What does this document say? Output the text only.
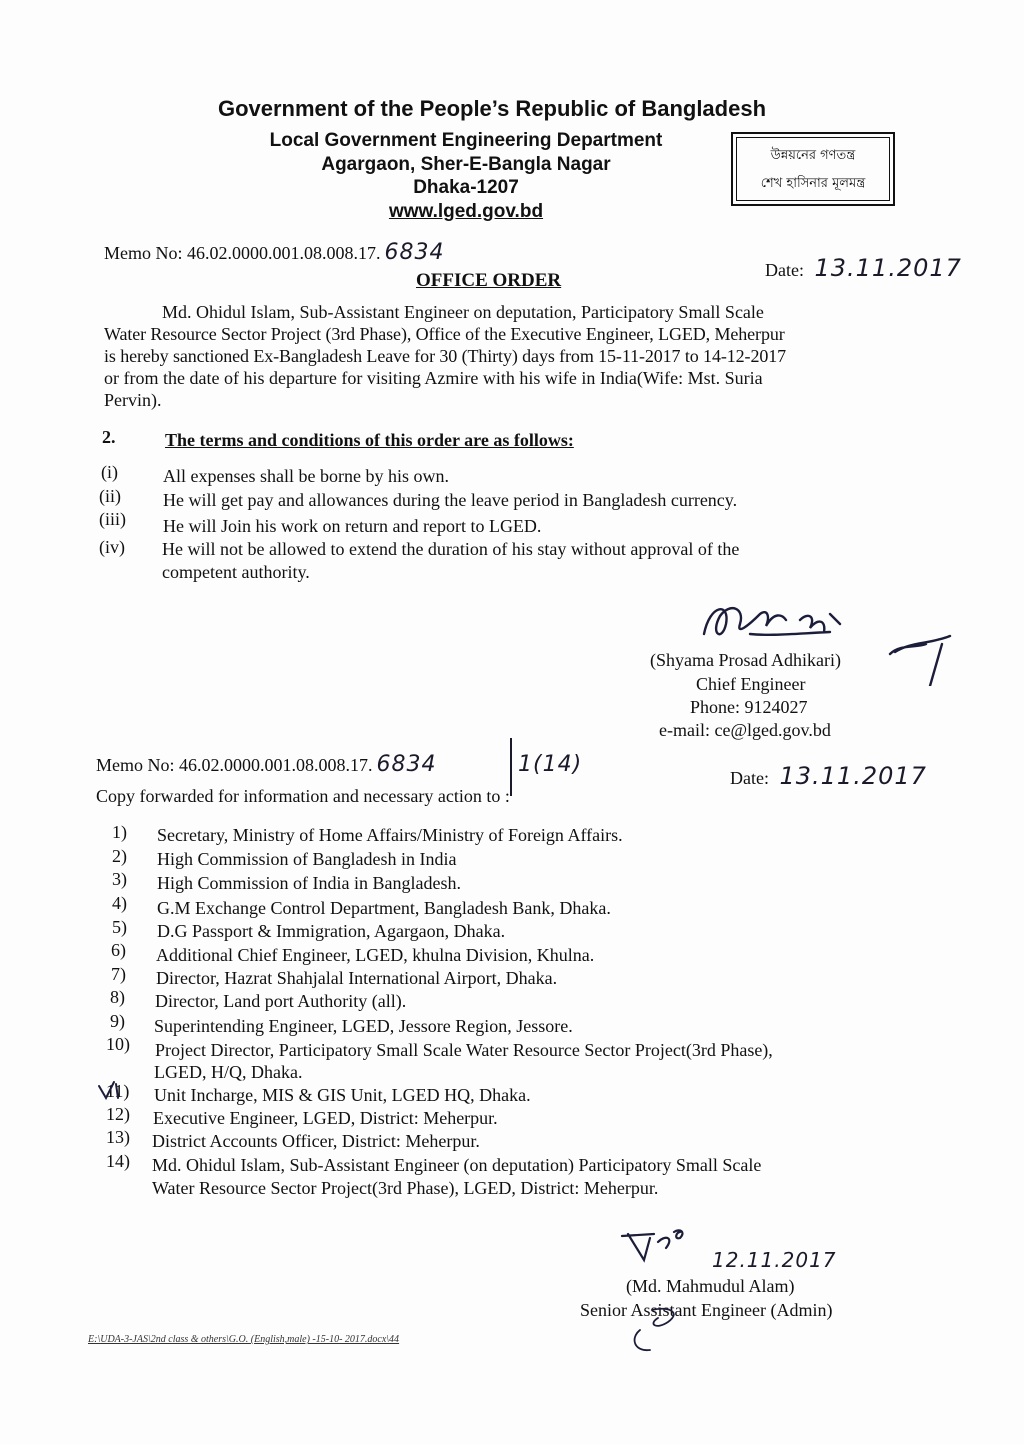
Government of the People’s Republic of Bangladesh
Local Government Engineering Department
Agargaon, Sher-E-Bangla Nagar
Dhaka-1207
www.lged.gov.bd
উন্নয়নের গণতন্ত্র
শেখ হাসিনার মূলমন্ত্র
Memo No: 46.02.0000.001.08.008.17. 6834
Date: 13.11.2017
OFFICE ORDER
Md. Ohidul Islam, Sub-Assistant Engineer on deputation, Participatory Small Scale
Water Resource Sector Project (3rd Phase), Office of the Executive Engineer, LGED, Meherpur
is hereby sanctioned Ex-Bangladesh Leave for 30 (Thirty) days from 15-11-2017 to 14-12-2017
or from the date of his departure for visiting Azmire with his wife in India(Wife: Mst. Suria
Pervin).
2.	The terms and conditions of this order are as follows:
(i)	All expenses shall be borne by his own.
(ii) He will get pay and allowances during the leave period in Bangladesh currency.
(iii) He will Join his work on return and report to LGED.
(iv) He will not be allowed to extend the duration of his stay without approval of the
competent authority.
(Shyama Prosad Adhikari)
Chief Engineer
Phone: 9124027
e-mail: ce@lged.gov.bd
Memo No: 46.02.0000.001.08.008.17. 6834	1(14)
Date: 13.11.2017
Copy forwarded for information and necessary action to :
1) Secretary, Ministry of Home Affairs/Ministry of Foreign Affairs.
2) High Commission of Bangladesh in India
3) High Commission of India in Bangladesh.
4) G.M Exchange Control Department, Bangladesh Bank, Dhaka.
5) D.G Passport & Immigration, Agargaon, Dhaka.
6) Additional Chief Engineer, LGED, khulna Division, Khulna.
7) Director, Hazrat Shahjalal International Airport, Dhaka.
8) Director, Land port Authority (all).
9) Superintending Engineer, LGED, Jessore Region, Jessore.
10) Project Director, Participatory Small Scale Water Resource Sector Project(3rd Phase),
LGED, H/Q, Dhaka.
11) Unit Incharge, MIS & GIS Unit, LGED HQ, Dhaka.
12) Executive Engineer, LGED, District: Meherpur.
13) District Accounts Officer, District: Meherpur.
14) Md. Ohidul Islam, Sub-Assistant Engineer (on deputation) Participatory Small Scale
Water Resource Sector Project(3rd Phase), LGED, District: Meherpur.
12.11.2017
(Md. Mahmudul Alam)
Senior Assistant Engineer (Admin)
E:\UDA-3-JAS\2nd class & others\G.O. (English,male) -15-10- 2017.docx\44
